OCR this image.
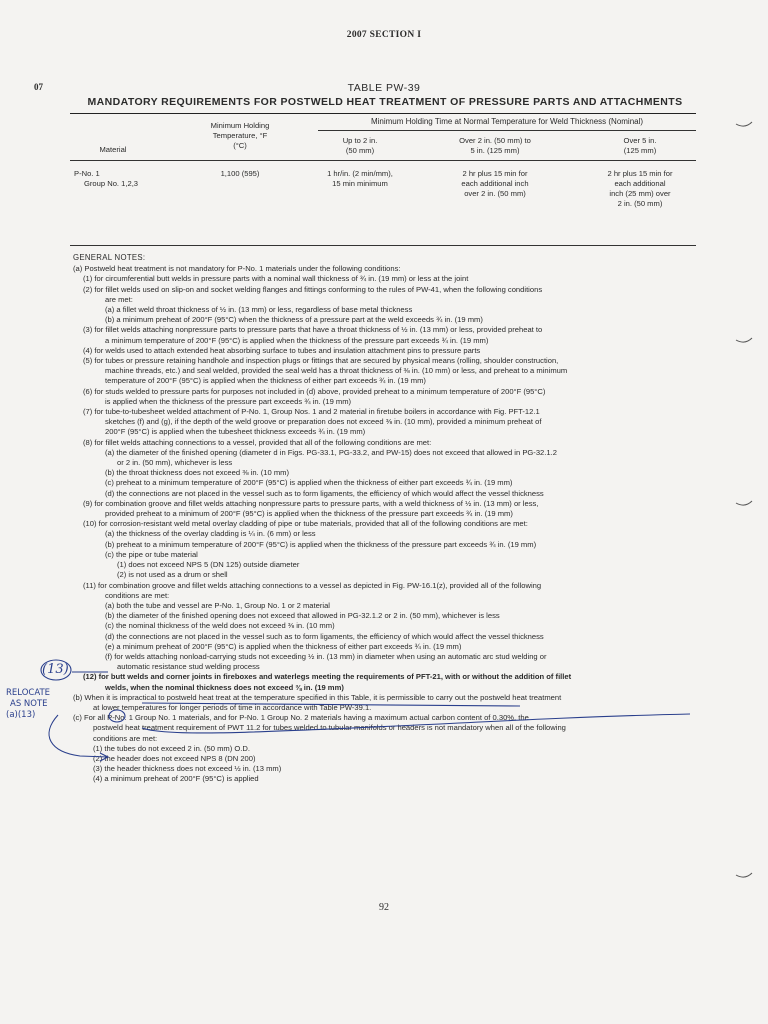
2007 SECTION I
07	TABLE PW-39
MANDATORY REQUIREMENTS FOR POSTWELD HEAT TREATMENT OF PRESSURE PARTS AND ATTACHMENTS
Minimum Holding Time at Normal Temperature for Weld Thickness (Nominal)
Material
Minimum Holding
Temperature, °F
(°C)
Up to 2 in.
(50 mm)
Over 2 in. (50 mm) to
5 in. (125 mm)
Over 5 in.
(125 mm)
P-No. 1
Group No. 1,2,3
1,100 (595)	1 hr/in. (2 min/mm),
15 min minimum
2 hr plus 15 min for
each additional inch
over 2 in. (50 mm)
2 hr plus 15 min for
each additional
inch (25 mm) over
2 in. (50 mm)
GENERAL NOTES:
(a) Postweld heat treatment is not mandatory for P-No. 1 materials under the following conditions:
(1) for circumferential butt welds in pressure parts with a nominal wall thickness of ¾ in. (19 mm) or less at the joint
(2) for fillet welds used on slip-on and socket welding flanges and fittings conforming to the rules of PW-41, when the following conditions
are met:
(a) a fillet weld throat thickness of ½ in. (13 mm) or less, regardless of base metal thickness
(b) a minimum preheat of 200°F (95°C) when the thickness of a pressure part at the weld exceeds ¾ in. (19 mm)
(3) for fillet welds attaching nonpressure parts to pressure parts that have a throat thickness of ½ in. (13 mm) or less, provided preheat to
a minimum temperature of 200°F (95°C) is applied when the thickness of the pressure part exceeds ¾ in. (19 mm)
(4) for welds used to attach extended heat absorbing surface to tubes and insulation attachment pins to pressure parts
(5) for tubes or pressure retaining handhole and inspection plugs or fittings that are secured by physical means (rolling, shoulder construction,
machine threads, etc.) and seal welded, provided the seal weld has a throat thickness of ⅜ in. (10 mm) or less, and preheat to a minimum
temperature of 200°F (95°C) is applied when the thickness of either part exceeds ¾ in. (19 mm)
(6) for studs welded to pressure parts for purposes not included in (d) above, provided preheat to a minimum temperature of 200°F (95°C)
is applied when the thickness of the pressure part exceeds ¾ in. (19 mm)
(7) for tube-to-tubesheet welded attachment of P-No. 1, Group Nos. 1 and 2 material in firetube boilers in accordance with Fig. PFT-12.1
sketches (f) and (g), if the depth of the weld groove or preparation does not exceed ⅜ in. (10 mm), provided a minimum preheat of
200°F (95°C) is applied when the tubesheet thickness exceeds ¾ in. (19 mm)
(8) for fillet welds attaching connections to a vessel, provided that all of the following conditions are met:
(a) the diameter of the finished opening (diameter d in Figs. PG-33.1, PG-33.2, and PW-15) does not exceed that allowed in PG-32.1.2
or 2 in. (50 mm), whichever is less
(b) the throat thickness does not exceed ⅜ in. (10 mm)
(c) preheat to a minimum temperature of 200°F (95°C) is applied when the thickness of either part exceeds ¾ in. (19 mm)
(d) the connections are not placed in the vessel such as to form ligaments, the efficiency of which would affect the vessel thickness
(9) for combination groove and fillet welds attaching nonpressure parts to pressure parts, with a weld thickness of ½ in. (13 mm) or less,
provided preheat to a minimum of 200°F (95°C) is applied when the thickness of the pressure part exceeds ¾ in. (19 mm)
(10) for corrosion-resistant weld metal overlay cladding of pipe or tube materials, provided that all of the following conditions are met:
(a) the thickness of the overlay cladding is ¼ in. (6 mm) or less
(b) preheat to a minimum temperature of 200°F (95°C) is applied when the thickness of the pressure part exceeds ¾ in. (19 mm)
(c) the pipe or tube material
(1) does not exceed NPS 5 (DN 125) outside diameter
(2) is not used as a drum or shell
(11) for combination groove and fillet welds attaching connections to a vessel as depicted in Fig. PW-16.1(z), provided all of the following
conditions are met:
(a) both the tube and vessel are P-No. 1, Group No. 1 or 2 material
(b) the diameter of the finished opening does not exceed that allowed in PG-32.1.2 or 2 in. (50 mm), whichever is less
(c) the nominal thickness of the weld does not exceed ⅜ in. (10 mm)
(d) the connections are not placed in the vessel such as to form ligaments, the efficiency of which would affect the vessel thickness
(e) a minimum preheat of 200°F (95°C) is applied when the thickness of either part exceeds ¾ in. (19 mm)
(f) for welds attaching nonload-carrying studs not exceeding ½ in. (13 mm) in diameter when using an automatic arc stud welding or
automatic resistance stud welding process
(12) for butt welds and corner joints in fireboxes and waterlegs meeting the requirements of PFT-21, with or without the addition of fillet
welds, when the nominal thickness does not exceed ⅜ in. (19 mm)
(b) When it is impractical to postweld heat treat at the temperature specified in this Table, it is permissible to carry out the postweld heat treatment
at lower temperatures for longer periods of time in accordance with Table PW-39.1.
(c) For all P-No. 1 Group No. 1 materials, and for P-No. 1 Group No. 2 materials having a maximum actual carbon content of 0.30%, the
postweld heat treatment requirement of PWT 11.2 for tubes welded to tubular manifolds or headers is not mandatory when all of the following
conditions are met:
(1) the tubes do not exceed 2 in. (50 mm) O.D.
(2) the header does not exceed NPS 8 (DN 200)
(3) the header thickness does not exceed ½ in. (13 mm)
(4) a minimum preheat of 200°F (95°C) is applied
92
(13)
RELOCATE
AS NOTE
(a)(13)
